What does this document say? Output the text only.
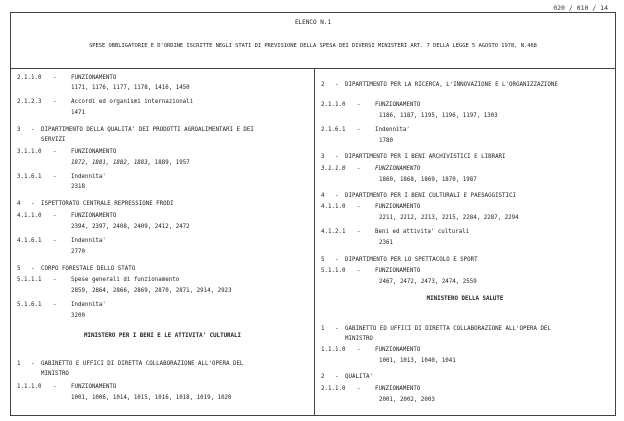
020 / 010 / 14
ELENCO N.1
SPESE OBBLIGATORIE E D'ORDINE ISCRITTE NEGLI STATI DI PREVISIONE DELLA SPESA DEI DIVERSI MINISTERI ART. 7 DELLA LEGGE 5 AGOSTO 1978, N.468
2.1.1.0 -	FUNZIONAMENTO
1171, 1176, 1177, 1178, 1416, 1450
2.1.2.3 -	Accordi ed organismi internazionali
1471
3 - DIPARTIMENTO DELLA QUALITA' DEI PRODOTTI AGROALIMENTARI E DEI
SERVIZI
3.1.1.0 -	FUNZIONAMENTO
1872, 1881, 1882, 1883, 1889, 1957
3.1.6.1 -	Indennita'
2318
4 - ISPETTORATO CENTRALE REPRESSIONE FRODI
4.1.1.0 -	FUNZIONAMENTO
2394, 2397, 2408, 2409, 2412, 2472
4.1.6.1 -	Indennita'
2770
5 - CORPO FORESTALE DELLO STATO
5.1.1.1 -	Spese generali di funzionamento
2859, 2864, 2866, 2869, 2870, 2871, 2914, 2923
5.1.6.1 -	Indennita'
3200
MINISTERO PER I BENI E LE ATTIVITA' CULTURALI
1 - GABINETTO E UFFICI DI DIRETTA COLLABORAZIONE ALL'OPERA DEL
MINISTRO
1.1.1.0 -	FUNZIONAMENTO
1001, 1006, 1014, 1015, 1016, 1018, 1019, 1020
2 - DIPARTIMENTO PER LA RICERCA, L'INNOVAZIONE E L'ORGANIZZAZIONE
2.1.1.0 -	FUNZIONAMENTO
1186, 1187, 1195, 1196, 1197, 1303
2.1.6.1 -	Indennita'
1780
3 - DIPARTIMENTO PER I BENI ARCHIVISTICI E LIBRARI
3.1.1.0 -	FUNZIONAMENTO
1860, 1868, 1869, 1870, 1987
4 - DIPARTIMENTO PER I BENI CULTURALI E PAESAGGISTICI
4.1.1.0 -	FUNZIONAMENTO
2211, 2212, 2213, 2215, 2284, 2287, 2294
4.1.2.1 -	Beni ed attivita' culturali
2361
5 - DIPARTIMENTO PER LO SPETTACOLO E SPORT
5.1.1.0 -	FUNZIONAMENTO
2467, 2472, 2473, 2474, 2559
MINISTERO DELLA SALUTE
1 - GABINETTO ED UFFICI DI DIRETTA COLLABORAZIONE ALL'OPERA DEL
MINISTRO
1.1.1.0 -	FUNZIONAMENTO
1001, 1013, 1040, 1041
2 - QUALITA'
2.1.1.0 -	FUNZIONAMENTO
2001, 2002, 2003
